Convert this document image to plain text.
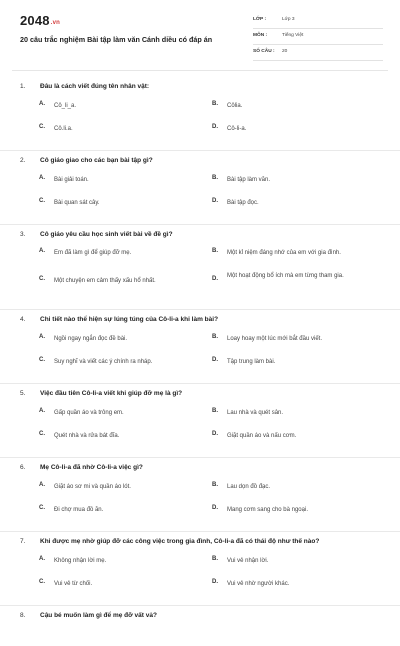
2048.vn
20 câu trắc nghiệm Bài tập làm văn Cánh diều có đáp án
LỚP :	Lớp 3
MÔN :	Tiếng Việt
SỐ CÂU : 20
1. Đâu là cách viết đúng tên nhân vật:
A. Cô_li_a.	B. Côlia.
C. Cô.li.a.	D. Cô-li-a.
2. Cô giáo giao cho các bạn bài tập gì?
A. Bài giải toán.	B. Bài tập làm văn.
C. Bài quan sát cây.	D. Bài tập đọc.
3. Cô giáo yêu cầu học sinh viết bài về đề gì?
A. Em đã làm gì để giúp đỡ mẹ.	B. Một kỉ niệm đáng nhớ của em với gia đình.
C. Một chuyện em cảm thấy xấu hổ nhất.	D. Một hoạt động bổ ích mà em từng tham gia.
4. Chi tiết nào thể hiện sự lúng túng của Cô-li-a khi làm bài?
A. Ngồi ngay ngắn đọc đề bài.	B. Loay hoay một lúc mới bắt đầu viết.
C. Suy nghĩ và viết các ý chính ra nháp.	D. Tập trung làm bài.
5. Việc đầu tiên Cô-li-a viết khi giúp đỡ mẹ là gì?
A. Gấp quần áo và trông em.	B. Lau nhà và quét sân.
C. Quét nhà và rửa bát đĩa.	D. Giặt quần áo và nấu cơm.
6. Mẹ Cô-li-a đã nhờ Cô-li-a việc gì?
A. Giặt áo sơ mi và quần áo lót.	B. Lau dọn đồ đạc.
C. Đi chợ mua đồ ăn.	D. Mang cơm sang cho bà ngoại.
7. Khi được mẹ nhờ giúp đỡ các công việc trong gia đình, Cô-li-a đã có thái độ như thế nào?
A. Không nhận lời mẹ.	B. Vui vẻ nhận lời.
C. Vui vẻ từ chối.	D. Vui vẻ nhờ người khác.
8. Cậu bé muốn làm gì để mẹ đỡ vất vả?
